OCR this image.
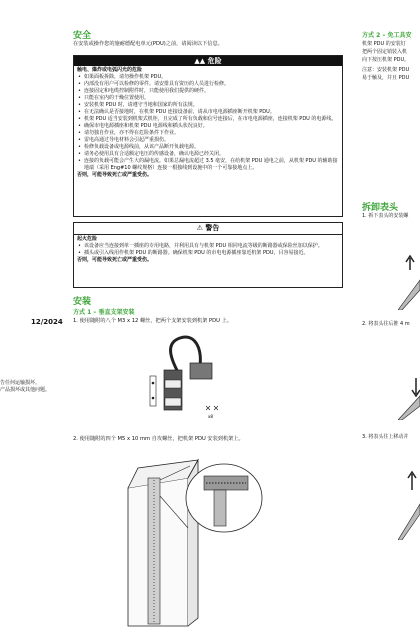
12/2024
告任何运输损坏。
产品损坏或其他问题。
安全
在安装或操作您的施耐德配电单元(PDU)之前，请阅读以下信息。
▲▲ 危险
触电、爆炸或电弧闪光的危险
• 如果面板拆除，请勿操作机架 PDU。
• 内部没有用户可以检修的零件。请安排具有资历的人员进行检修。
• 连接固定和电缆控制附件时，只能使用我们提供的硬件。
• 只能在室内的干燥位置使用。
• 安装机架 PDU 时，请遵守当地和国家的所有法规。
• 在无法确认是否接地时，在机架 PDU 连接设备前，请从市电电源插座断开机架 PDU。
• 机架 PDU 适当安装到机架式机柜，且完成了所有负载和信号连接后，在市电电源插座，连接机架 PDU 的电源线。
• 确保市电电源插座和机架 PDU 电源线和插头状况良好。
• 请勿独自作业，亦不得在危险条件下作业。
• 雷电高通过导电材料会引起严重损伤。
• 检修负载设备或电源线前，从该产品断开负载电源。
• 请务必使用具有合适额定电压的传感设备，确认电源已经关闭。
• 连接的负载可能会产生大的漏电流。如果总漏电流超过 3.5 毫安，在给机架 PDU 通电之前，从机架 PDU 的辅助接地端（采用 Eng#10 螺纹规格）连接一根独线到设施中的一个可靠接地点上。
否则，可能导致死亡或严重受伤。
⚠ 警告
起火危险
• 该设备应当连接到单一插座的专用电路，并利用具有与机架 PDU 相同电流等级的断路器或保险丝加以保护。
• 插头或引入线用作机架 PDU 的断路器。确保机架 PDU 的市电电源插座靠近机架 PDU，目容易接近。
否则，可能导致死亡或严重受伤。
安装
方式 1 – 垂直支架安装
1. 使用随附的八个 M3 x 12 螺丝，把两个支架安装到机架 PDU 上。
x8
2. 使用随附的四个 M5 x 10 mm 自攻螺丝，把机架 PDU 安装到机架上。
方式 2 – 免工具安
机架 PDU 的安装钉
把两个固定销装入机
向下按压机架 PDU。
注意：安装机架 PDU
易于触及，并且 PDU
拆卸表头
1. 拆下表头的安装螺
2. 将表头往后推 4 m
3. 将表头往上移动并
